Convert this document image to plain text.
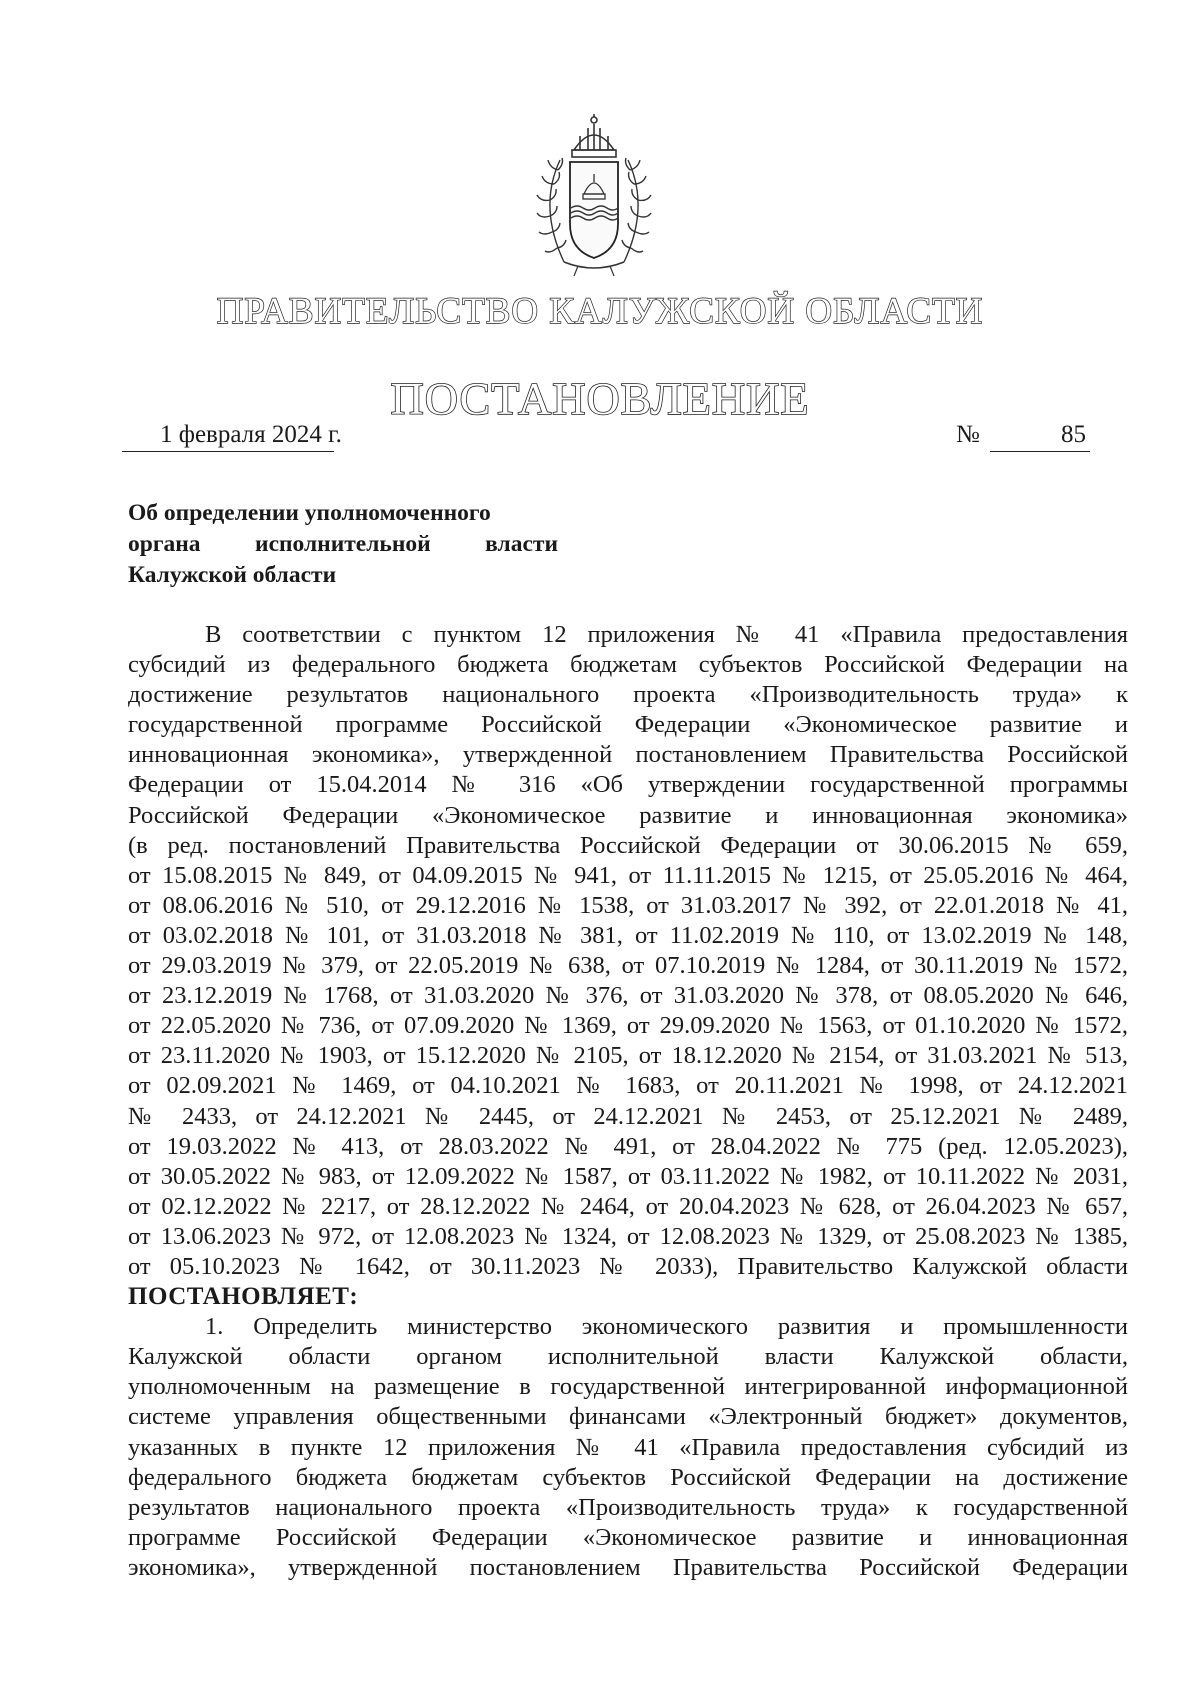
ПРАВИТЕЛЬСТВО КАЛУЖСКОЙ ОБЛАСТИ
ПОСТАНОВЛЕНИЕ
1 февраля 2024 г.	№	85
Об определении уполномоченного
органа исполнительной власти
Калужской области
В соответствии с пунктом 12 приложения № 41 «Правила предоставления
субсидий из федерального бюджета бюджетам субъектов Российской Федерации на
достижение результатов национального проекта «Производительность труда» к
государственной программе Российской Федерации «Экономическое развитие и
инновационная экономика», утвержденной постановлением Правительства Российской
Федерации от 15.04.2014 № 316 «Об утверждении государственной программы
Российской Федерации «Экономическое развитие и инновационная экономика»
(в ред. постановлений Правительства Российской Федерации от 30.06.2015 № 659,
от 15.08.2015 № 849, от 04.09.2015 № 941, от 11.11.2015 № 1215, от 25.05.2016 № 464,
от 08.06.2016 № 510, от 29.12.2016 № 1538, от 31.03.2017 № 392, от 22.01.2018 № 41,
от 03.02.2018 № 101, от 31.03.2018 № 381, от 11.02.2019 № 110, от 13.02.2019 № 148,
от 29.03.2019 № 379, от 22.05.2019 № 638, от 07.10.2019 № 1284, от 30.11.2019 № 1572,
от 23.12.2019 № 1768, от 31.03.2020 № 376, от 31.03.2020 № 378, от 08.05.2020 № 646,
от 22.05.2020 № 736, от 07.09.2020 № 1369, от 29.09.2020 № 1563, от 01.10.2020 № 1572,
от 23.11.2020 № 1903, от 15.12.2020 № 2105, от 18.12.2020 № 2154, от 31.03.2021 № 513,
от 02.09.2021 № 1469, от 04.10.2021 № 1683, от 20.11.2021 № 1998, от 24.12.2021
№ 2433, от 24.12.2021 № 2445, от 24.12.2021 № 2453, от 25.12.2021 № 2489,
от 19.03.2022 № 413, от 28.03.2022 № 491, от 28.04.2022 № 775 (ред. 12.05.2023),
от 30.05.2022 № 983, от 12.09.2022 № 1587, от 03.11.2022 № 1982, от 10.11.2022 № 2031,
от 02.12.2022 № 2217, от 28.12.2022 № 2464, от 20.04.2023 № 628, от 26.04.2023 № 657,
от 13.06.2023 № 972, от 12.08.2023 № 1324, от 12.08.2023 № 1329, от 25.08.2023 № 1385,
от 05.10.2023 № 1642, от 30.11.2023 № 2033), Правительство Калужской области
ПОСТАНОВЛЯЕТ:
1. Определить министерство экономического развития и промышленности
Калужской области органом исполнительной власти Калужской области,
уполномоченным на размещение в государственной интегрированной информационной
системе управления общественными финансами «Электронный бюджет» документов,
указанных в пункте 12 приложения № 41 «Правила предоставления субсидий из
федерального бюджета бюджетам субъектов Российской Федерации на достижение
результатов национального проекта «Производительность труда» к государственной
программе Российской Федерации «Экономическое развитие и инновационная
экономика», утвержденной постановлением Правительства Российской Федерации
